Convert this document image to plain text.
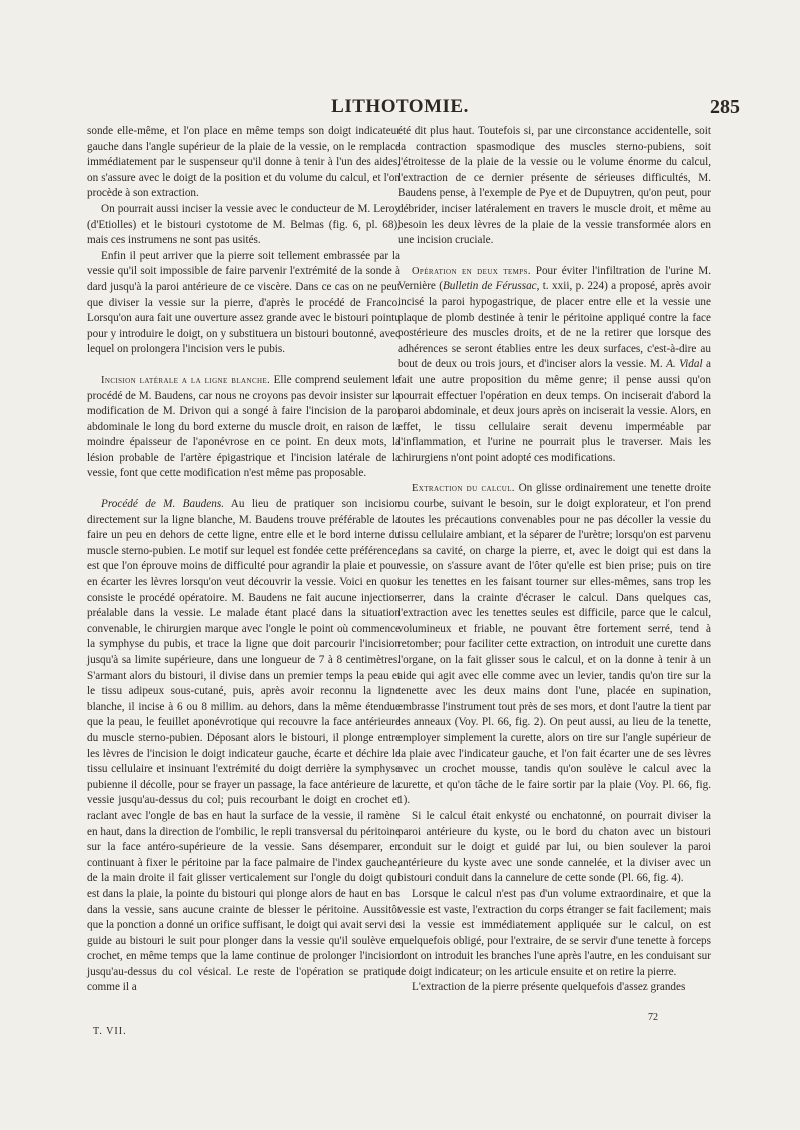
LITHOTOMIE.	285

sonde elle-même, et l'on place en même temps son doigt indicateur gauche dans l'angle supérieur de la plaie de la vessie, on le remplace immédiatement par le suspenseur qu'il donne à tenir à l'un des aides, on s'assure avec le doigt de la position et du volume du calcul, et l'on procède à son extraction.

On pourrait aussi inciser la vessie avec le conducteur de M. Leroy (d'Etiolles) et le bistouri cystotome de M. Belmas (fig. 6, pl. 68), mais ces instrumens ne sont pas usités.

Enfin il peut arriver que la pierre soit tellement embrassée par la vessie qu'il soit impossible de faire parvenir l'extrémité de la sonde à dard jusqu'à la paroi antérieure de ce viscère. Dans ce cas on ne peut que diviser la vessie sur la pierre, d'après le procédé de Franco. Lorsqu'on aura fait une ouverture assez grande avec le bistouri pointu pour y introduire le doigt, on y substituera un bistouri boutonné, avec lequel on prolongera l'incision vers le pubis.

Incision latérale a la ligne blanche. Elle comprend seulement le procédé de M. Baudens, car nous ne croyons pas devoir insister sur la modification de M. Drivon qui a songé à faire l'incision de la paroi abdominale le long du bord externe du muscle droit, en raison de la moindre épaisseur de l'aponévrose en ce point. En deux mots, la lésion probable de l'artère épigastrique et l'incision latérale de la vessie, font que cette modification n'est même pas proposable.

Procédé de M. Baudens. Au lieu de pratiquer son incision directement sur la ligne blanche, M. Baudens trouve préférable de la faire un peu en dehors de cette ligne, entre elle et le bord interne du muscle sterno-pubien. Le motif sur lequel est fondée cette préférence, est que l'on éprouve moins de difficulté pour agrandir la plaie et pour en écarter les lèvres lorsqu'on veut découvrir la vessie. Voici en quoi consiste le procédé opératoire. M. Baudens ne fait aucune injection préalable dans la vessie. Le malade étant placé dans la situation convenable, le chirurgien marque avec l'ongle le point où commence la symphyse du pubis, et trace la ligne que doit parcourir l'incision jusqu'à sa limite supérieure, dans une longueur de 7 à 8 centimètres. S'armant alors du bistouri, il divise dans un premier temps la peau et le tissu adipeux sous-cutané, puis, après avoir reconnu la ligne blanche, il incise à 6 ou 8 millim. au dehors, dans la même étendue que la peau, le feuillet aponévrotique qui recouvre la face antérieure du muscle sterno-pubien. Déposant alors le bistouri, il plonge entre les lèvres de l'incision le doigt indicateur gauche, écarte et déchire le tissu cellulaire et insinuant l'extrémité du doigt derrière la symphyse pubienne il décolle, pour se frayer un passage, la face antérieure de la vessie jusqu'au-dessus du col; puis recourbant le doigt en crochet et raclant avec l'ongle de bas en haut la surface de la vessie, il ramène en haut, dans la direction de l'ombilic, le repli transversal du péritoine sur la face antéro-supérieure de la vessie. Sans désemparer, en continuant à fixer le péritoine par la face palmaire de l'index gauche, de la main droite il fait glisser verticalement sur l'ongle du doigt qui est dans la plaie, la pointe du bistouri qui plonge alors de haut en bas dans la vessie, sans aucune crainte de blesser le péritoine. Aussitôt que la ponction a donné un orifice suffisant, le doigt qui avait servi de guide au bistouri le suit pour plonger dans la vessie qu'il soulève en crochet, en même temps que la lame continue de prolonger l'incision jusqu'au-dessus du col vésical. Le reste de l'opération se pratique comme il a

été dit plus haut. Toutefois si, par une circonstance accidentelle, soit la contraction spasmodique des muscles sterno-pubiens, soit l'étroitesse de la plaie de la vessie ou le volume énorme du calcul, l'extraction de ce dernier présente de sérieuses difficultés, M. Baudens pense, à l'exemple de Pye et de Dupuytren, qu'on peut, pour débrider, inciser latéralement en travers le muscle droit, et même au besoin les deux lèvres de la plaie de la vessie transformée alors en une incision cruciale.

Opération en deux temps. Pour éviter l'infiltration de l'urine M. Vernière (Bulletin de Férussac, t. xxii, p. 224) a proposé, après avoir incisé la paroi hypogastrique, de placer entre elle et la vessie une plaque de plomb destinée à tenir le péritoine appliqué contre la face postérieure des muscles droits, et de ne la retirer que lorsque des adhérences se seront établies entre les deux surfaces, c'est-à-dire au bout de deux ou trois jours, et d'inciser alors la vessie. M. A. Vidal a fait une autre proposition du même genre; il pense aussi qu'on pourrait effectuer l'opération en deux temps. On inciserait d'abord la paroi abdominale, et deux jours après on inciserait la vessie. Alors, en effet, le tissu cellulaire serait devenu imperméable par l'inflammation, et l'urine ne pourrait plus le traverser. Mais les chirurgiens n'ont point adopté ces modifications.

Extraction du calcul. On glisse ordinairement une tenette droite ou courbe, suivant le besoin, sur le doigt explorateur, et l'on prend toutes les précautions convenables pour ne pas décoller la vessie du tissu cellulaire ambiant, et la séparer de l'urètre; lorsqu'on est parvenu dans sa cavité, on charge la pierre, et, avec le doigt qui est dans la vessie, on s'assure avant de l'ôter qu'elle est bien prise; puis on tire sur les tenettes en les faisant tourner sur elles-mêmes, sans trop les serrer, dans la crainte d'écraser le calcul. Dans quelques cas, l'extraction avec les tenettes seules est difficile, parce que le calcul, volumineux et friable, ne pouvant être fortement serré, tend à retomber; pour faciliter cette extraction, on introduit une curette dans l'organe, on la fait glisser sous le calcul, et on la donne à tenir à un aide qui agit avec elle comme avec un levier, tandis qu'on tire sur la tenette avec les deux mains dont l'une, placée en supination, embrasse l'instrument tout près de ses mors, et dont l'autre la tient par les anneaux (Voy. Pl. 66, fig. 2). On peut aussi, au lieu de la tenette, employer simplement la curette, alors on tire sur l'angle supérieur de la plaie avec l'indicateur gauche, et l'on fait écarter une de ses lèvres avec un crochet mousse, tandis qu'on soulève le calcul avec la curette, et qu'on tâche de le faire sortir par la plaie (Voy. Pl. 66, fig. 1).

Si le calcul était enkysté ou enchatonné, on pourrait diviser la paroi antérieure du kyste, ou le bord du chaton avec un bistouri conduit sur le doigt et guidé par lui, ou bien soulever la paroi antérieure du kyste avec une sonde cannelée, et la diviser avec un bistouri conduit dans la cannelure de cette sonde (Pl. 66, fig. 4).

Lorsque le calcul n'est pas d'un volume extraordinaire, et que la vessie est vaste, l'extraction du corps étranger se fait facilement; mais si la vessie est immédiatement appliquée sur le calcul, on est quelquefois obligé, pour l'extraire, de se servir d'une tenette à forceps dont on introduit les branches l'une après l'autre, en les conduisant sur le doigt indicateur; on les articule ensuite et on retire la pierre.

L'extraction de la pierre présente quelquefois d'assez grandes

T. VII.
72
